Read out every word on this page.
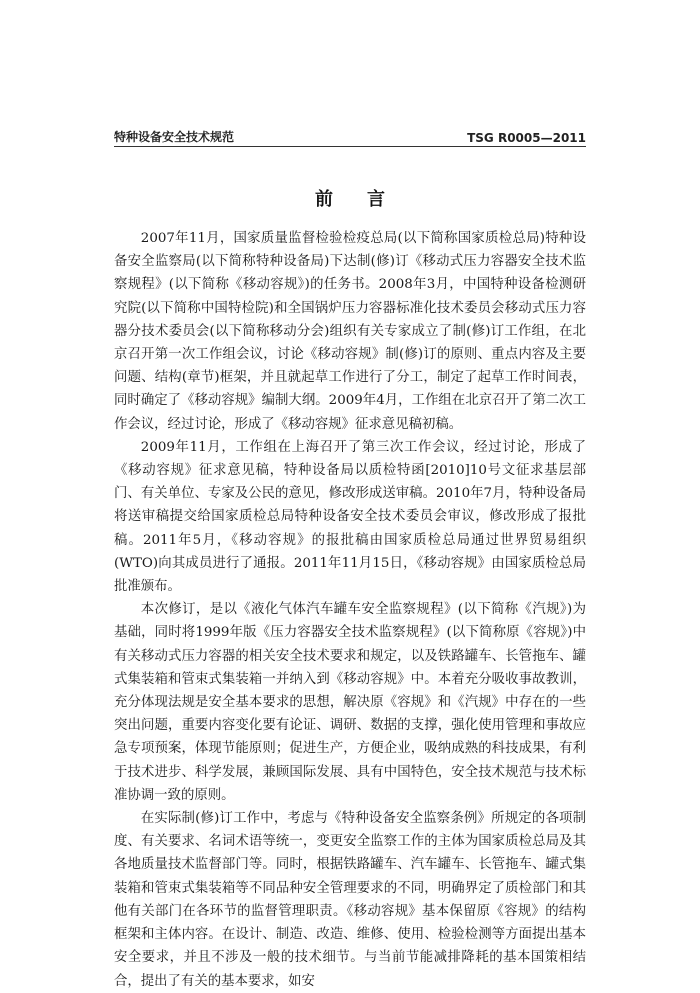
特种设备安全技术规范	TSG R0005—2011
前言

2007年11月，国家质量监督检验检疫总局(以下简称国家质检总局)特种设备安全监察局(以下简称特种设备局)下达制(修)订《移动式压力容器安全技术监察规程》(以下简称《移动容规》)的任务书。2008年3月，中国特种设备检测研究院(以下简称中国特检院)和全国锅炉压力容器标准化技术委员会移动式压力容器分技术委员会(以下简称移动分会)组织有关专家成立了制(修)订工作组，在北京召开第一次工作组会议，讨论《移动容规》制(修)订的原则、重点内容及主要问题、结构(章节)框架，并且就起草工作进行了分工，制定了起草工作时间表，同时确定了《移动容规》编制大纲。2009年4月，工作组在北京召开了第二次工作会议，经过讨论，形成了《移动容规》征求意见稿初稿。

2009年11月，工作组在上海召开了第三次工作会议，经过讨论，形成了《移动容规》征求意见稿，特种设备局以质检特函[2010]10号文征求基层部门、有关单位、专家及公民的意见，修改形成送审稿。2010年7月，特种设备局将送审稿提交给国家质检总局特种设备安全技术委员会审议，修改形成了报批稿。2011年5月，《移动容规》的报批稿由国家质检总局通过世界贸易组织(WTO)向其成员进行了通报。2011年11月15日，《移动容规》由国家质检总局批准颁布。

本次修订，是以《液化气体汽车罐车安全监察规程》(以下简称《汽规》)为基础，同时将1999年版《压力容器安全技术监察规程》(以下简称原《容规》)中有关移动式压力容器的相关安全技术要求和规定，以及铁路罐车、长管拖车、罐式集装箱和管束式集装箱一并纳入到《移动容规》中。本着充分吸收事故教训，充分体现法规是安全基本要求的思想，解决原《容规》和《汽规》中存在的一些突出问题，重要内容变化要有论证、调研、数据的支撑，强化使用管理和事故应急专项预案，体现节能原则；促进生产，方便企业，吸纳成熟的科技成果，有利于技术进步、科学发展，兼顾国际发展、具有中国特色，安全技术规范与技术标准协调一致的原则。

在实际制(修)订工作中，考虑与《特种设备安全监察条例》所规定的各项制度、有关要求、名词术语等统一，变更安全监察工作的主体为国家质检总局及其各地质量技术监督部门等。同时，根据铁路罐车、汽车罐车、长管拖车、罐式集装箱和管束式集装箱等不同品种安全管理要求的不同，明确界定了质检部门和其他有关部门在各环节的监督管理职责。《移动容规》基本保留原《容规》的结构框架和主体内容。在设计、制造、改造、维修、使用、检验检测等方面提出基本安全要求，并且不涉及一般的技术细节。与当前节能减排降耗的基本国策相结合，提出了有关的基本要求，如安
